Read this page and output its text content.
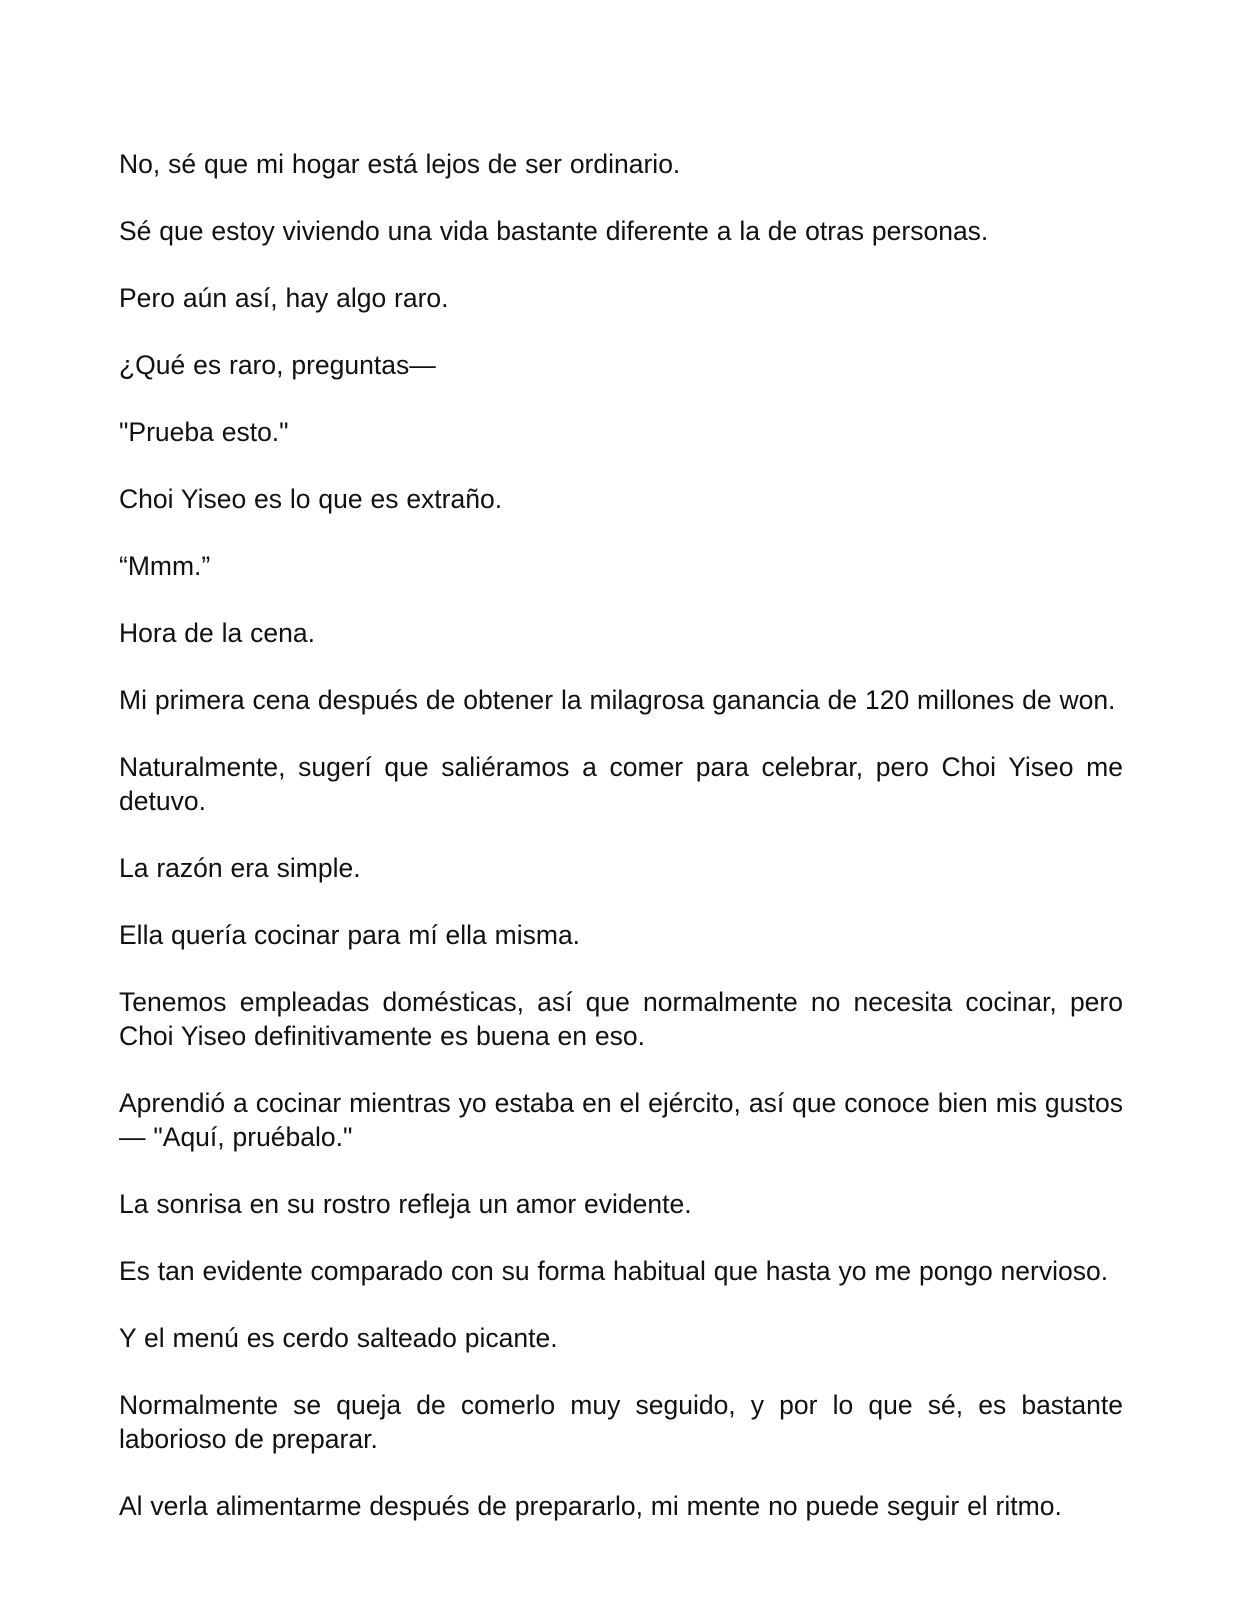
No, sé que mi hogar está lejos de ser ordinario.

Sé que estoy viviendo una vida bastante diferente a la de otras personas.

Pero aún así, hay algo raro.

¿Qué es raro, preguntas—

"Prueba esto."

Choi Yiseo es lo que es extraño.

“Mmm.”

Hora de la cena.

Mi primera cena después de obtener la milagrosa ganancia de 120 millones de won.

Naturalmente, sugerí que saliéramos a comer para celebrar, pero Choi Yiseo me detuvo.

La razón era simple.

Ella quería cocinar para mí ella misma.

Tenemos empleadas domésticas, así que normalmente no necesita cocinar, pero Choi Yiseo definitivamente es buena en eso.

Aprendió a cocinar mientras yo estaba en el ejército, así que conoce bien mis gustos— "Aquí, pruébalo."

La sonrisa en su rostro refleja un amor evidente.

Es tan evidente comparado con su forma habitual que hasta yo me pongo nervioso.

Y el menú es cerdo salteado picante.

Normalmente se queja de comerlo muy seguido, y por lo que sé, es bastante laborioso de preparar.

Al verla alimentarme después de prepararlo, mi mente no puede seguir el ritmo.
